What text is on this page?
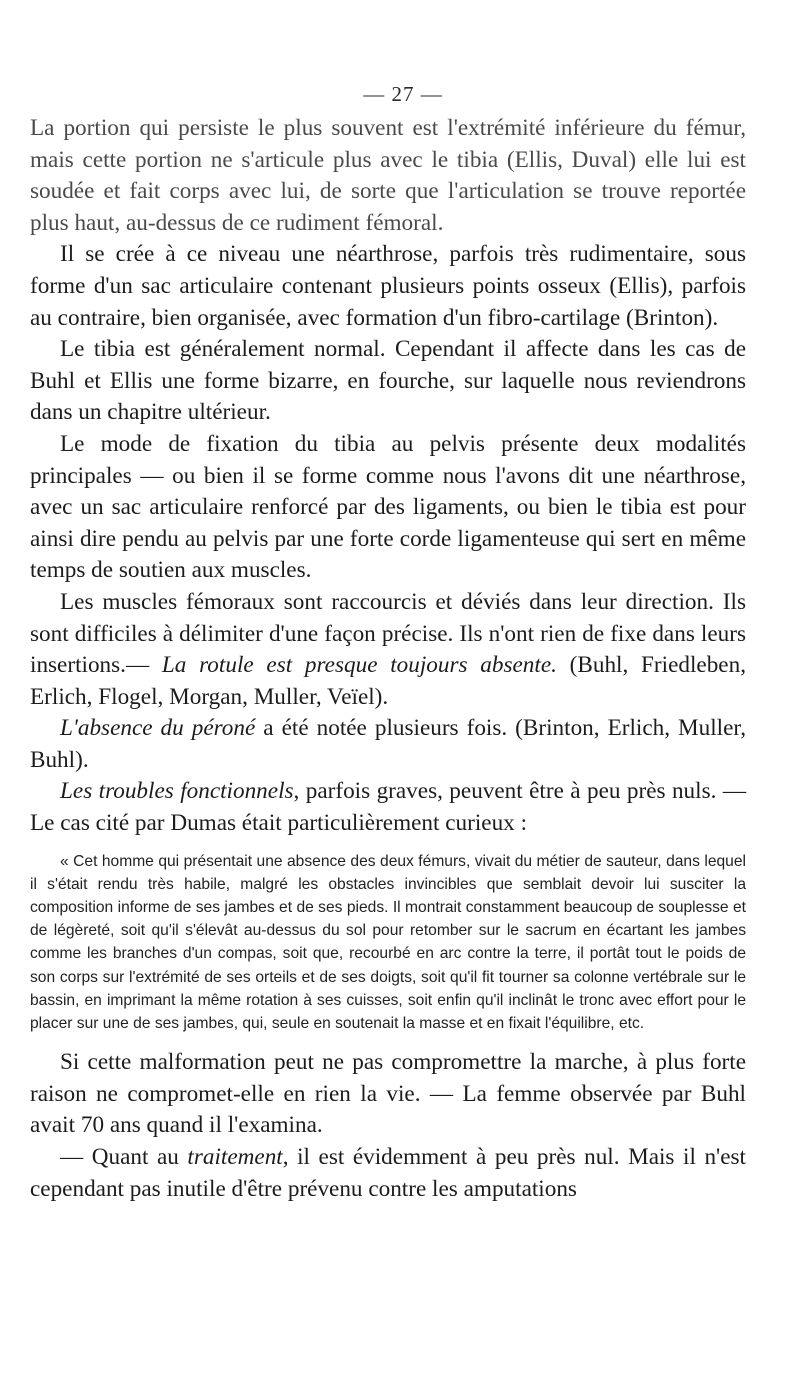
— 27 —

La portion qui persiste le plus souvent est l'extrémité inférieure du fémur, mais cette portion ne s'articule plus avec le tibia (Ellis, Duval) elle lui est soudée et fait corps avec lui, de sorte que l'articulation se trouve reportée plus haut, au-dessus de ce rudiment fémoral.

Il se crée à ce niveau une néarthrose, parfois très rudimentaire, sous forme d'un sac articulaire contenant plusieurs points osseux (Ellis), parfois au contraire, bien organisée, avec formation d'un fibro-cartilage (Brinton).

Le tibia est généralement normal. Cependant il affecte dans les cas de Buhl et Ellis une forme bizarre, en fourche, sur laquelle nous reviendrons dans un chapitre ultérieur.

Le mode de fixation du tibia au pelvis présente deux modalités principales — ou bien il se forme comme nous l'avons dit une néarthrose, avec un sac articulaire renforcé par des ligaments, ou bien le tibia est pour ainsi dire pendu au pelvis par une forte corde ligamenteuse qui sert en même temps de soutien aux muscles.

Les muscles fémoraux sont raccourcis et déviés dans leur direction. Ils sont difficiles à délimiter d'une façon précise. Ils n'ont rien de fixe dans leurs insertions.— La rotule est presque toujours absente. (Buhl, Friedleben, Erlich, Flogel, Morgan, Muller, Veïel).

L'absence du péroné a été notée plusieurs fois. (Brinton, Erlich, Muller, Buhl).

Les troubles fonctionnels, parfois graves, peuvent être à peu près nuls. — Le cas cité par Dumas était particulièrement curieux :

« Cet homme qui présentait une absence des deux fémurs, vivait du métier de sauteur, dans lequel il s'était rendu très habile, malgré les obstacles invincibles que semblait devoir lui susciter la composition informe de ses jambes et de ses pieds. Il montrait constamment beaucoup de souplesse et de légèreté, soit qu'il s'élevât au-dessus du sol pour retomber sur le sacrum en écartant les jambes comme les branches d'un compas, soit que, recourbé en arc contre la terre, il portât tout le poids de son corps sur l'extrémité de ses orteils et de ses doigts, soit qu'il fit tourner sa colonne vertébrale sur le bassin, en imprimant la même rotation à ses cuisses, soit enfin qu'il inclinât le tronc avec effort pour le placer sur une de ses jambes, qui, seule en soutenait la masse et en fixait l'équilibre, etc.

Si cette malformation peut ne pas compromettre la marche, à plus forte raison ne compromet-elle en rien la vie. — La femme observée par Buhl avait 70 ans quand il l'examina.

— Quant au traitement, il est évidemment à peu près nul. Mais il n'est cependant pas inutile d'être prévenu contre les amputations
